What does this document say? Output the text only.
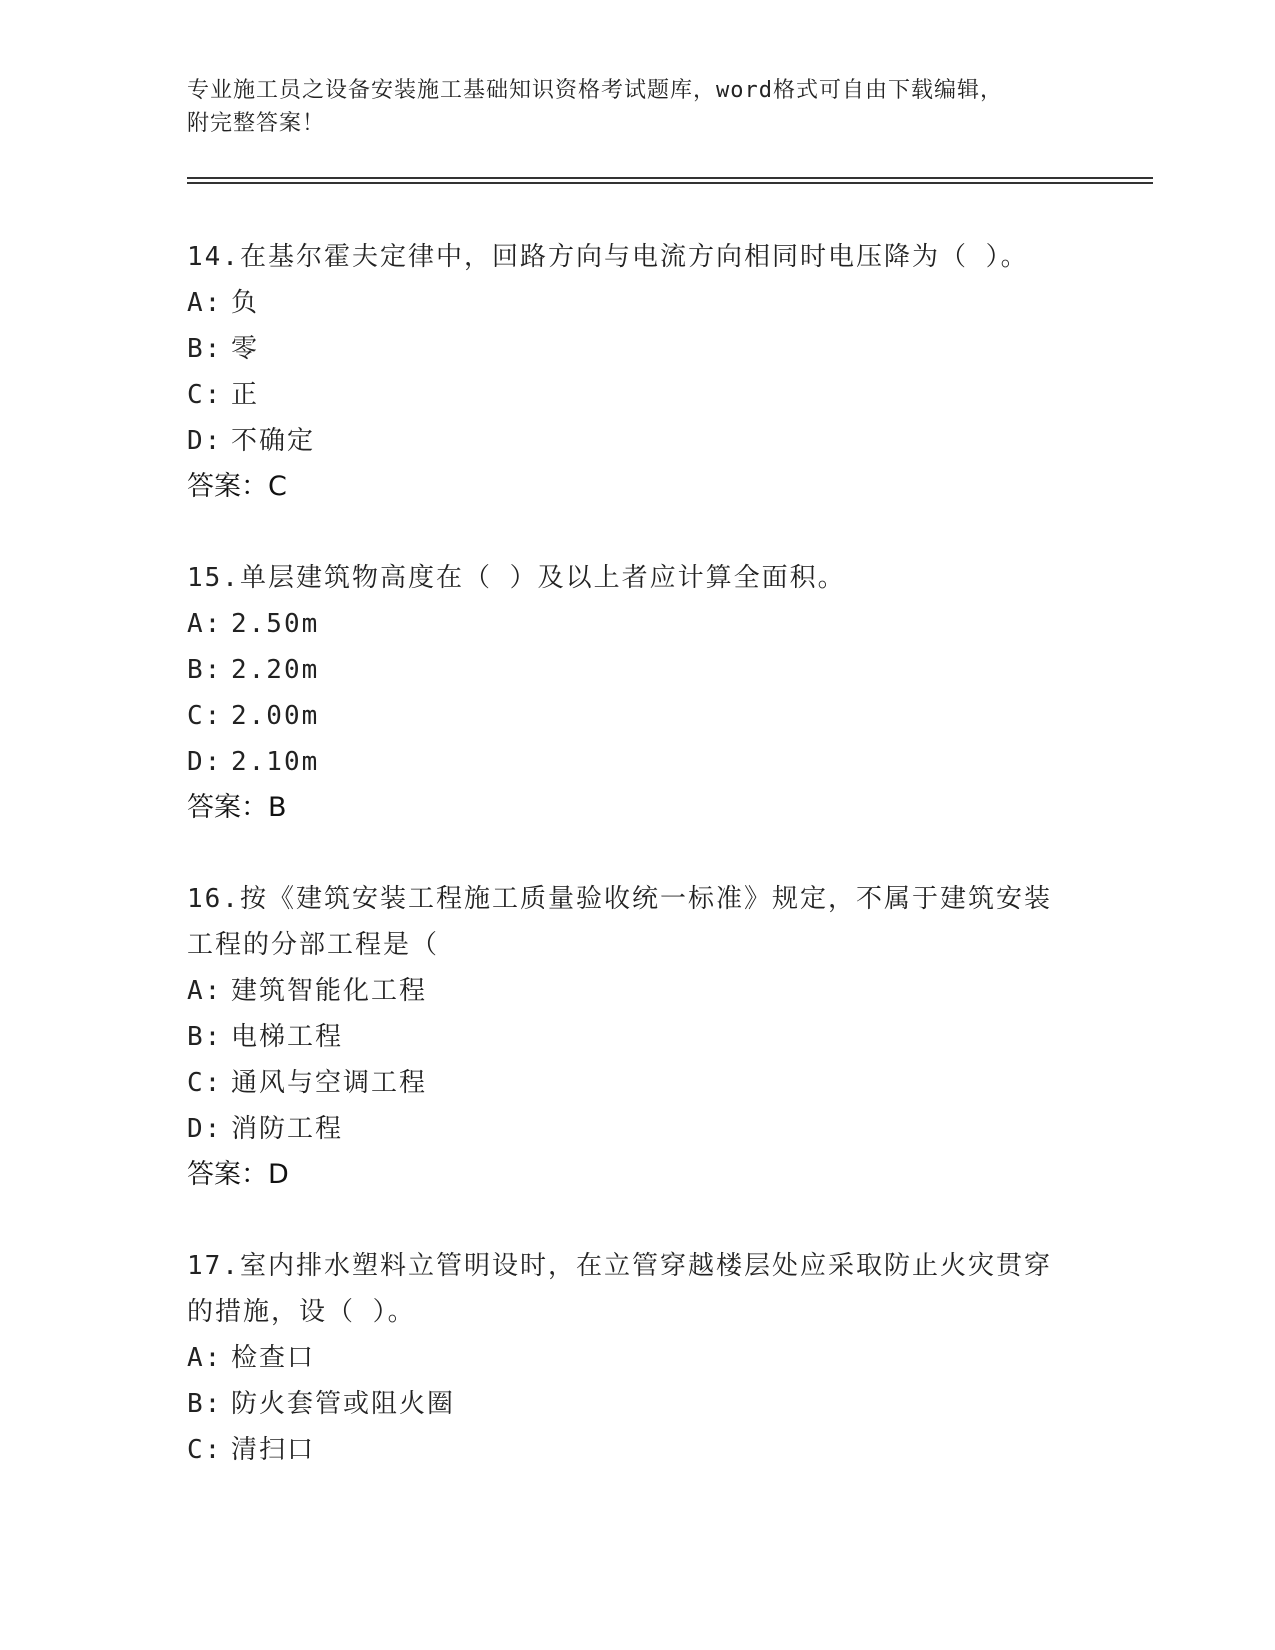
专业施工员之设备安装施工基础知识资格考试题库，word格式可自由下载编辑，
附完整答案！
14.在基尔霍夫定律中，回路方向与电流方向相同时电压降为（ ）。
A: 负
B: 零
C: 正
D: 不确定
答案：C
15.单层建筑物高度在（ ）及以上者应计算全面积。
A: 2.50m
B: 2.20m
C: 2.00m
D: 2.10m
答案：B
16.按《建筑安装工程施工质量验收统一标准》规定，不属于建筑安装
工程的分部工程是（
A: 建筑智能化工程
B: 电梯工程
C: 通风与空调工程
D: 消防工程
答案：D
17.室内排水塑料立管明设时，在立管穿越楼层处应采取防止火灾贯穿
的措施，设（ ）。
A: 检查口
B: 防火套管或阻火圈
C: 清扫口
